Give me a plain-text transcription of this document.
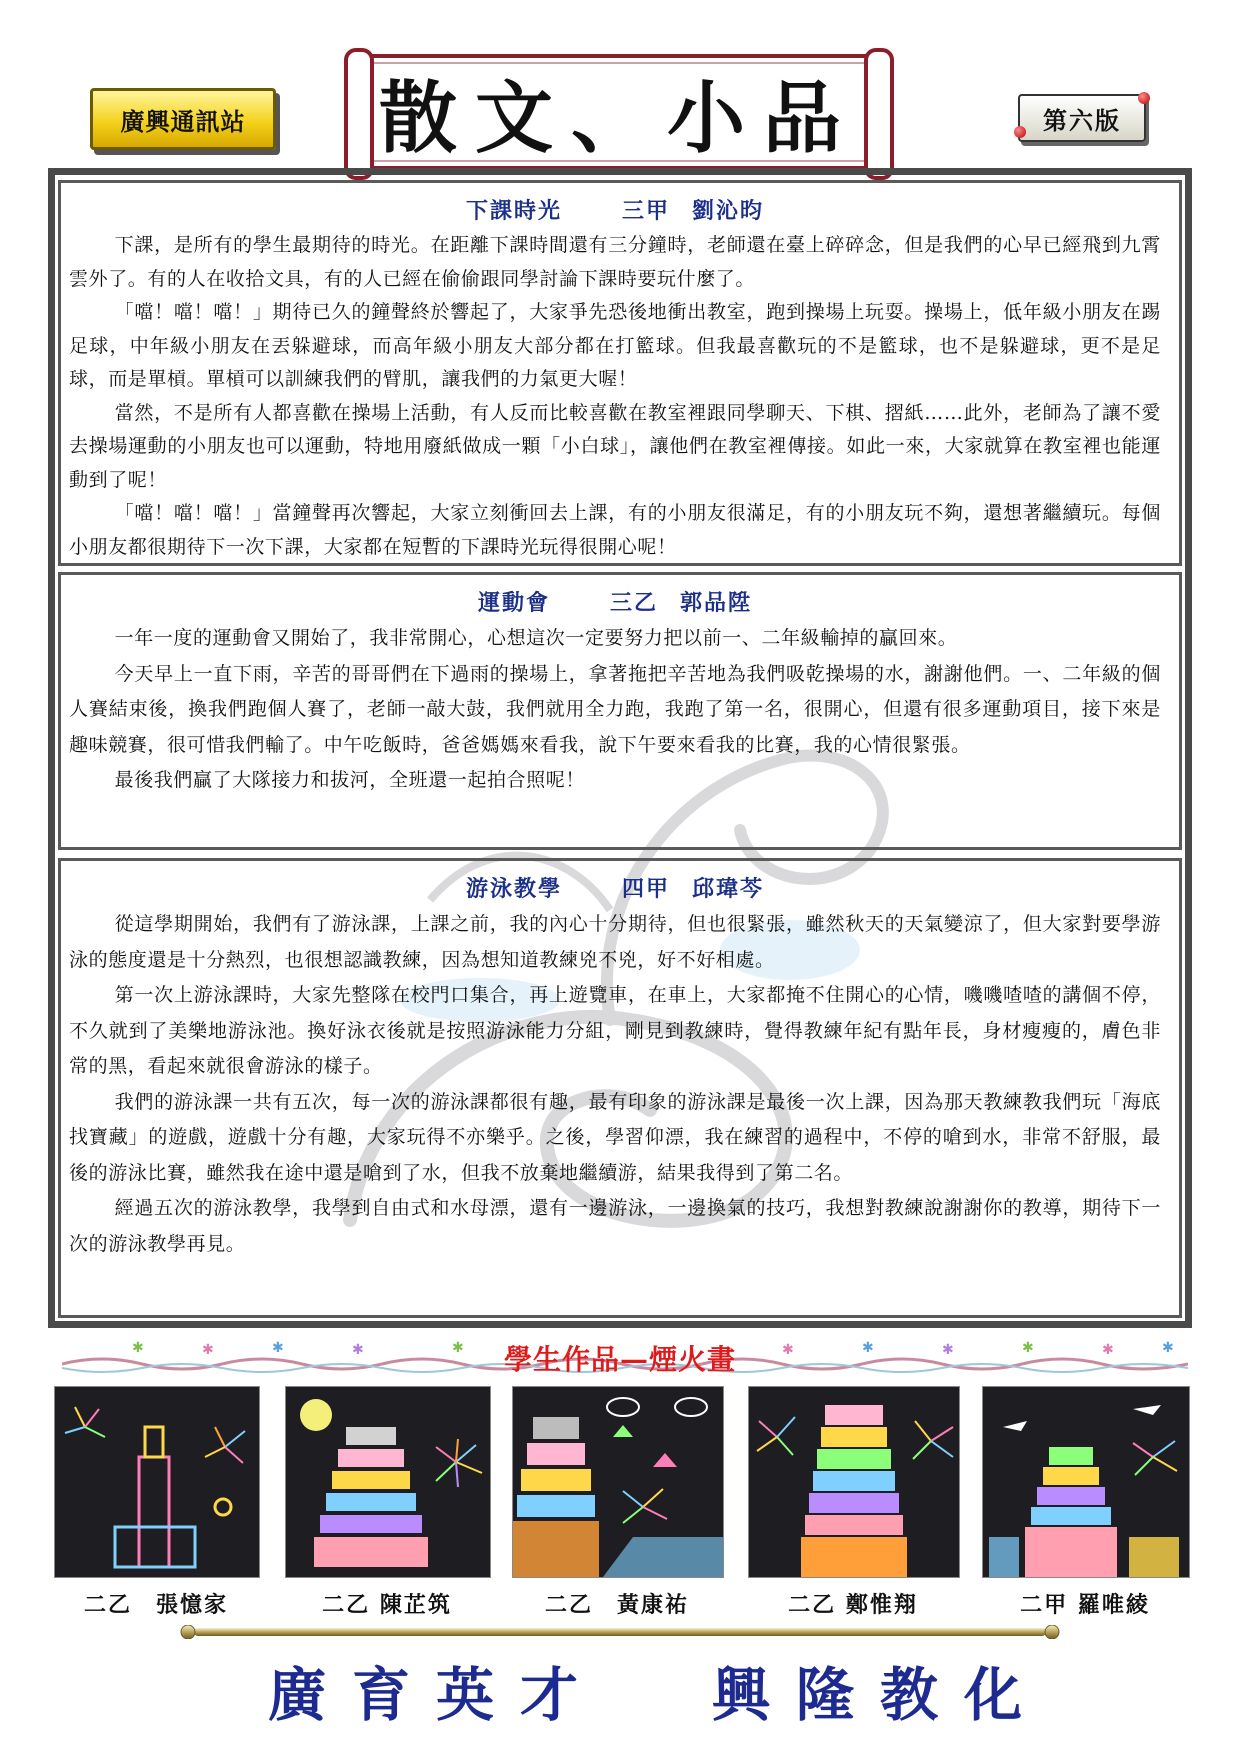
廣興通訊站 散文、小品	第六版
下課時光	三甲 劉沁昀

下課，是所有的學生最期待的時光。在距離下課時間還有三分鐘時，老師還在臺上碎碎念，但是我們的心早已經飛到九霄雲外了。有的人在收拾文具，有的人已經在偷偷跟同學討論下課時要玩什麼了。

「噹！噹！噹！」期待已久的鐘聲終於響起了，大家爭先恐後地衝出教室，跑到操場上玩耍。操場上，低年級小朋友在踢足球，中年級小朋友在丟躲避球，而高年級小朋友大部分都在打籃球。但我最喜歡玩的不是籃球，也不是躲避球，更不是足球，而是單槓。單槓可以訓練我們的臂肌，讓我們的力氣更大喔！

當然，不是所有人都喜歡在操場上活動，有人反而比較喜歡在教室裡跟同學聊天、下棋、摺紙……此外，老師為了讓不愛去操場運動的小朋友也可以運動，特地用廢紙做成一顆「小白球」，讓他們在教室裡傳接。如此一來，大家就算在教室裡也能運動到了呢！

「噹！噹！噹！」當鐘聲再次響起，大家立刻衝回去上課，有的小朋友很滿足，有的小朋友玩不夠，還想著繼續玩。每個小朋友都很期待下一次下課，大家都在短暫的下課時光玩得很開心呢！

運動會	三乙 郭品陞

一年一度的運動會又開始了，我非常開心，心想這次一定要努力把以前一、二年級輸掉的贏回來。

今天早上一直下雨，辛苦的哥哥們在下過雨的操場上，拿著拖把辛苦地為我們吸乾操場的水，謝謝他們。一、二年級的個人賽結束後，換我們跑個人賽了，老師一敲大鼓，我們就用全力跑，我跑了第一名，很開心，但還有很多運動項目，接下來是趣味競賽，很可惜我們輸了。中午吃飯時，爸爸媽媽來看我，說下午要來看我的比賽，我的心情很緊張。

最後我們贏了大隊接力和拔河，全班還一起拍合照呢！

游泳教學	四甲 邱瑋芩

從這學期開始，我們有了游泳課，上課之前，我的內心十分期待，但也很緊張，雖然秋天的天氣變涼了，但大家對要學游泳的態度還是十分熱烈，也很想認識教練，因為想知道教練兇不兇，好不好相處。

第一次上游泳課時，大家先整隊在校門口集合，再上遊覽車，在車上，大家都掩不住開心的心情，嘰嘰喳喳的講個不停，不久就到了美樂地游泳池。換好泳衣後就是按照游泳能力分組，剛見到教練時，覺得教練年紀有點年長，身材瘦瘦的，膚色非常的黑，看起來就很會游泳的樣子。

我們的游泳課一共有五次，每一次的游泳課都很有趣，最有印象的游泳課是最後一次上課，因為那天教練教我們玩「海底找寶藏」的遊戲，遊戲十分有趣，大家玩得不亦樂乎。之後，學習仰漂，我在練習的過程中，不停的嗆到水，非常不舒服，最後的游泳比賽，雖然我在途中還是嗆到了水，但我不放棄地繼續游，結果我得到了第二名。

經過五次的游泳教學，我學到自由式和水母漂，還有一邊游泳，一邊換氣的技巧，我想對教練說謝謝你的教導，期待下一次的游泳教學再見。

✱	✱	✱	✱	✱	✱	✱	✱	✱	✱	✱
學生作品—煙火畫
二乙　張憶家	二乙 陳芷筑	二乙　黃康祐	二乙 鄭惟翔	二甲 羅唯綾
廣育英才 興隆教化
